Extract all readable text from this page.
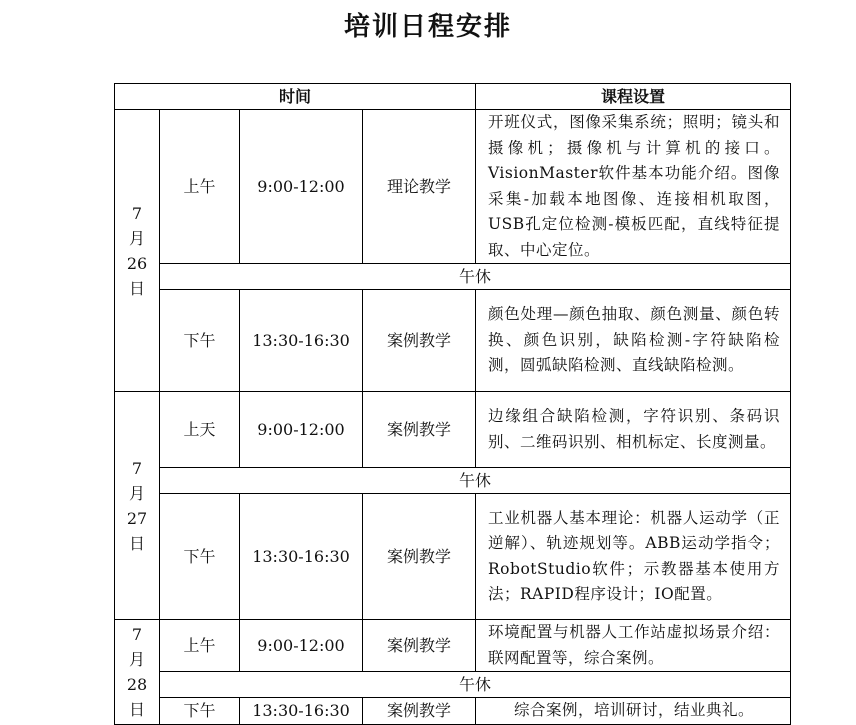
培训日程安排
时间				课程设置

7
月
26
日	上午	9:00-12:00	理论教学	开班仪式，图像采集系统；照明；镜头和摄像机；摄像机与计算机的接口。VisionMaster软件基本功能介绍。图像采集-加载本地图像、连接相机取图，USB孔定位检测-模板匹配，直线特征提取、中心定位。
	午休			
	下午	13:30-16:30	案例教学	颜色处理—颜色抽取、颜色测量、颜色转换、颜色识别，缺陷检测-字符缺陷检测，圆弧缺陷检测、直线缺陷检测。

7
月
27
日	上天	9:00-12:00	案例教学	边缘组合缺陷检测，字符识别、条码识别、二维码识别、相机标定、长度测量。
	午休			
	下午	13:30-16:30	案例教学	工业机器人基本理论：机器人运动学（正逆解）、轨迹规划等。ABB运动学指令；RobotStudio软件；示教器基本使用方法；RAPID程序设计；IO配置。

7
月
28
日	上午	9:00-12:00	案例教学	环境配置与机器人工作站虚拟场景介绍：联网配置等，综合案例。
	午休			
	下午	13:30-16:30	案例教学	综合案例，培训研讨，结业典礼。
